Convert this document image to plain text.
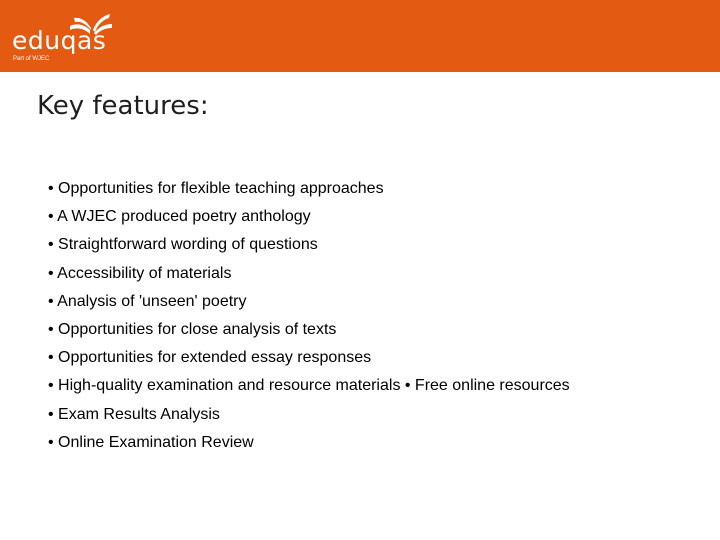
eduqas
Part of WJEC
Key features:
• Opportunities for flexible teaching approaches
• A WJEC produced poetry anthology
• Straightforward wording of questions
• Accessibility of materials
• Analysis of 'unseen' poetry
• Opportunities for close analysis of texts
• Opportunities for extended essay responses
• High-quality examination and resource materials • Free online resources
• Exam Results Analysis
• Online Examination Review
